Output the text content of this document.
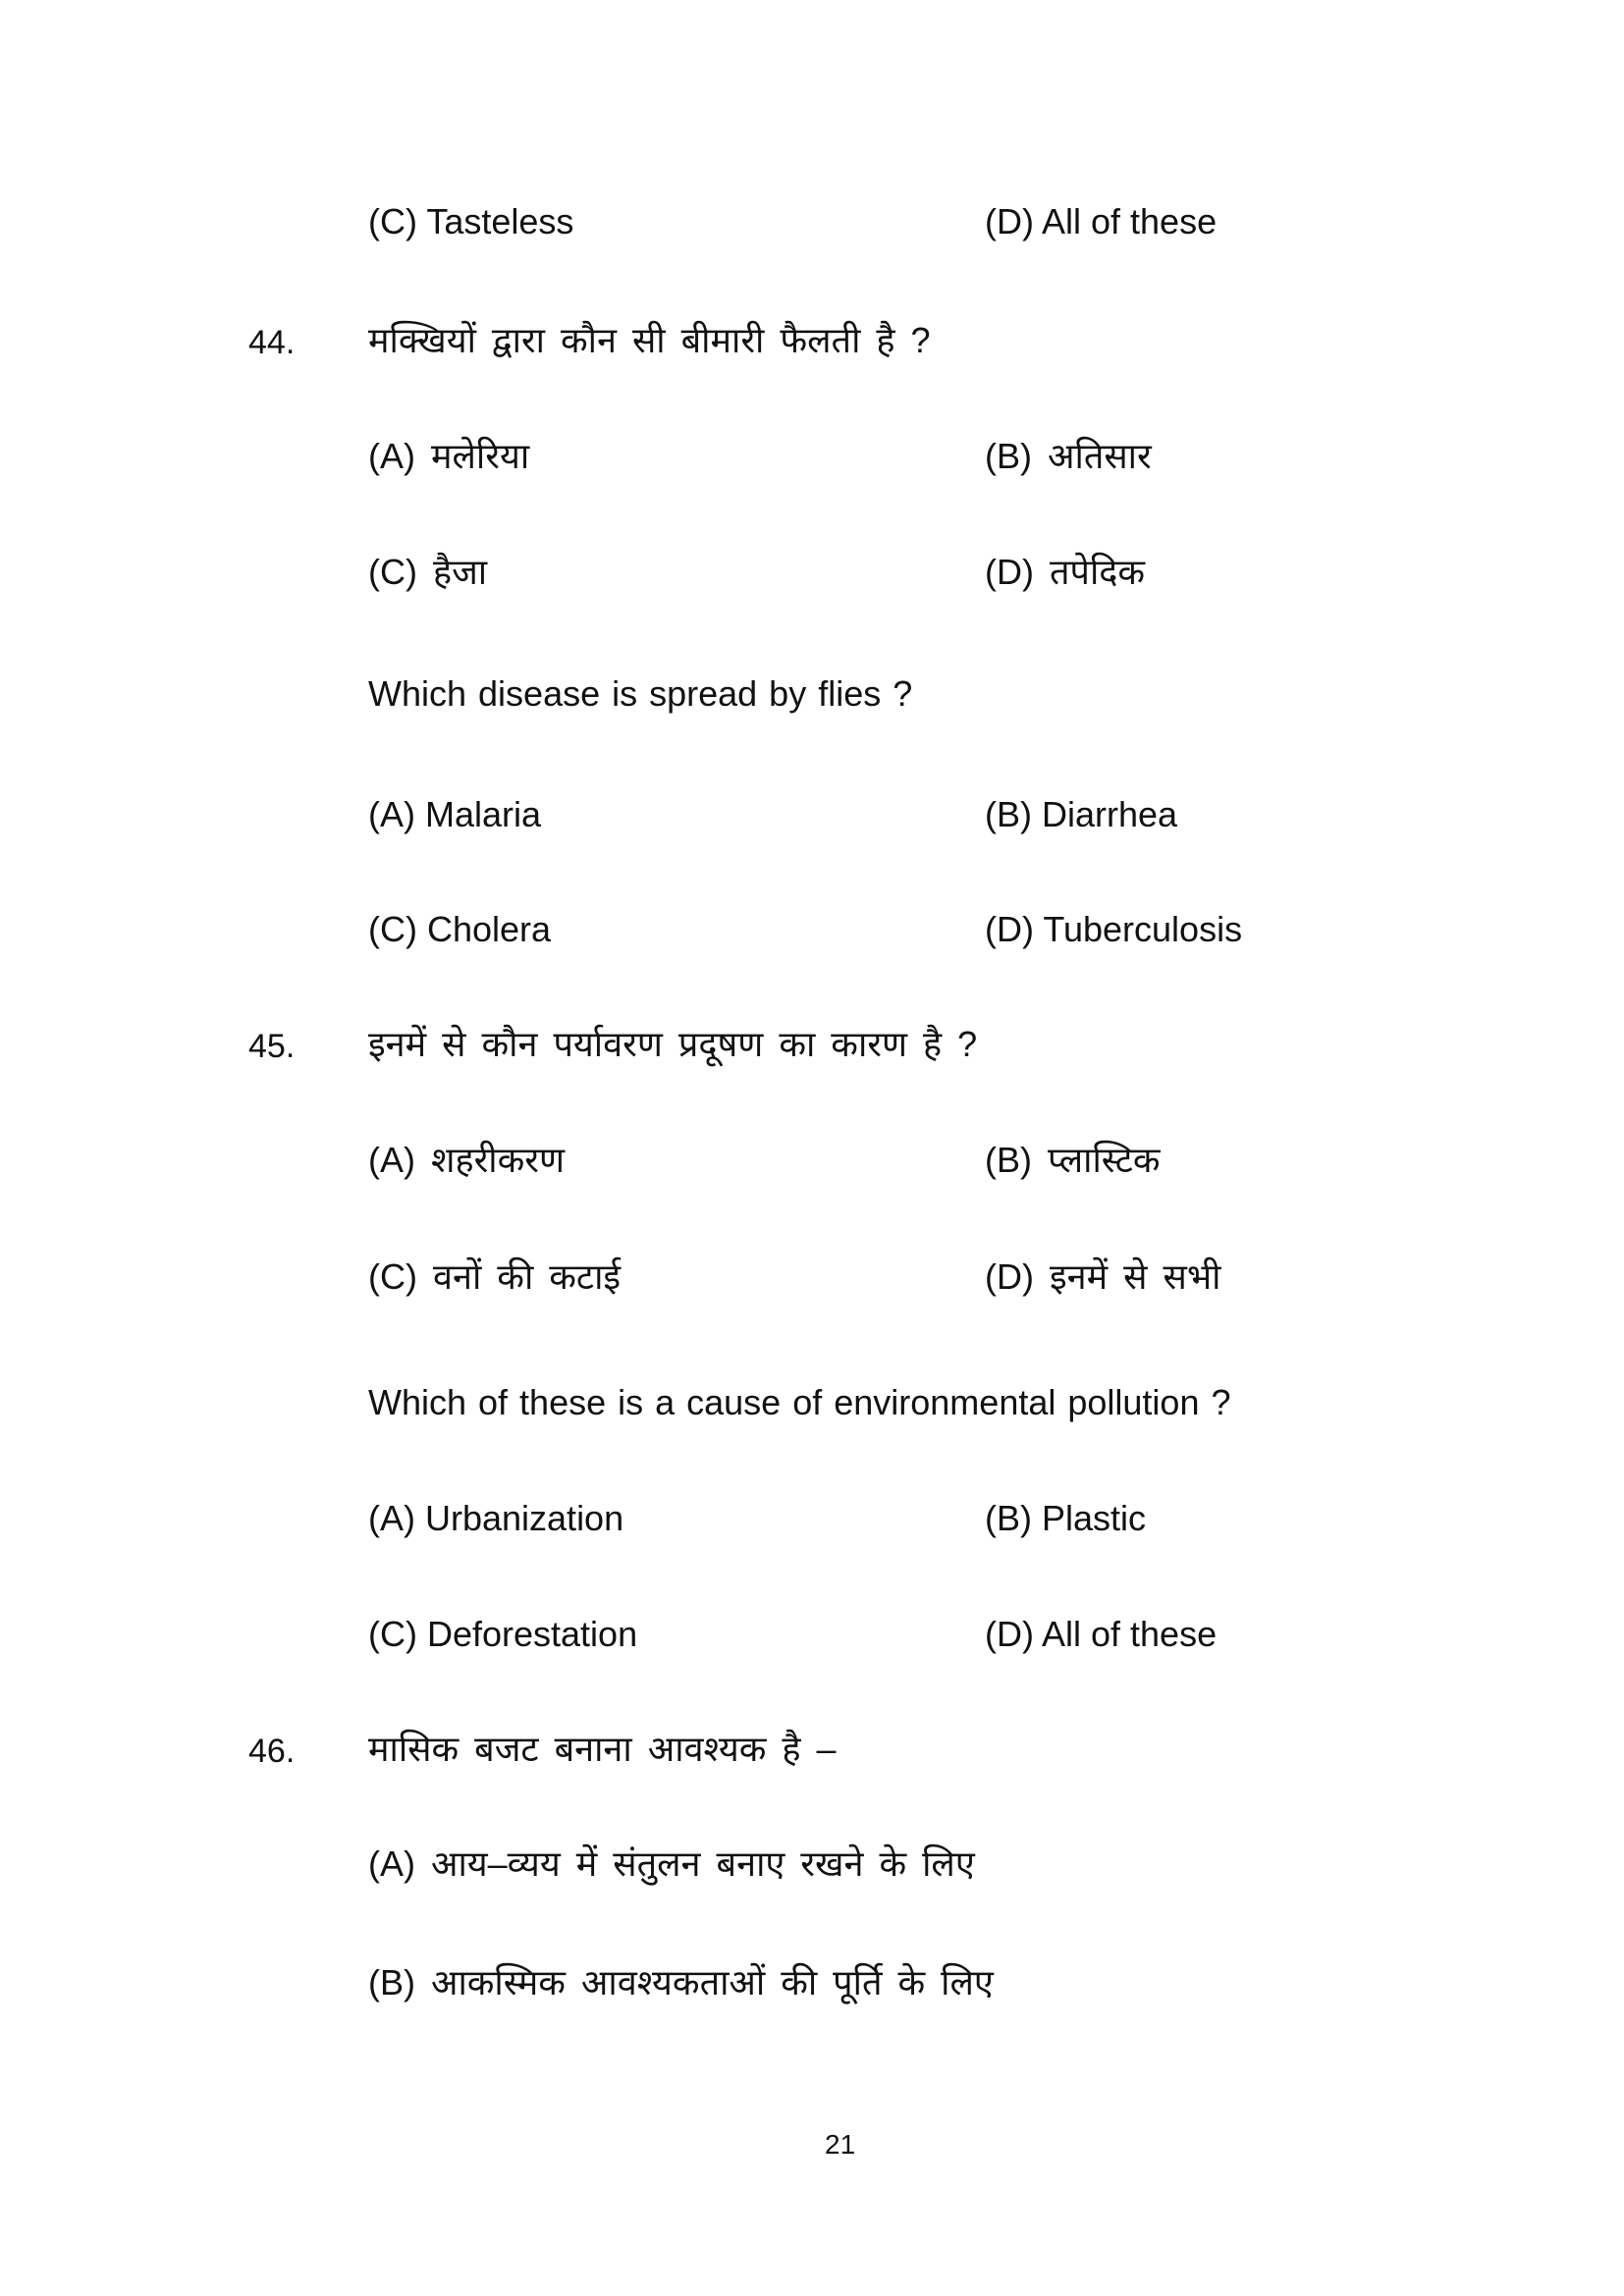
(C) Tasteless	(D) All of these
44. मक्खियों द्वारा कौन सी बीमारी फैलती है ?
(A) मलेरिया	(B) अतिसार
(C) हैजा	(D) तपेदिक
Which disease is spread by flies ?
(A) Malaria	(B) Diarrhea
(C) Cholera	(D) Tuberculosis
45. इनमें से कौन पर्यावरण प्रदूषण का कारण है ?
(A) शहरीकरण	(B) प्लास्टिक
(C) वनों की कटाई	(D) इनमें से सभी
Which of these is a cause of environmental pollution ?
(A) Urbanization	(B) Plastic
(C) Deforestation	(D) All of these
46. मासिक बजट बनाना आवश्यक है –
(A) आय–व्यय में संतुलन बनाए रखने के लिए
(B) आकस्मिक आवश्यकताओं की पूर्ति के लिए
21
